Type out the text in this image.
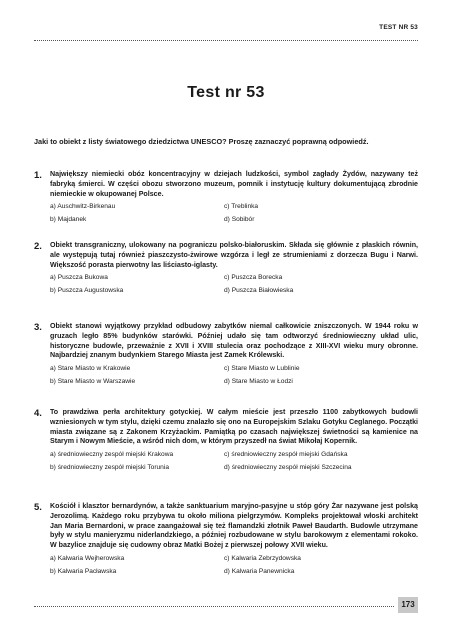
TEST NR 53
Test nr 53
Jaki to obiekt z listy światowego dziedzictwa UNESCO? Proszę zaznaczyć poprawną odpowiedź.
1. Największy niemiecki obóz koncentracyjny w dziejach ludzkości, symbol zagłady Żydów, nazywany też fabryką śmierci. W części obozu stworzono muzeum, pomnik i instytucję kultury dokumentującą zbrodnie niemieckie w okupowanej Polsce.
a) Auschwitz-Birkenau	c) Treblinka
b) Majdanek	d) Sobibór
2. Obiekt transgraniczny, ulokowany na pograniczu polsko-białoruskim. Składa się głównie z płaskich równin, ale występują tutaj również piaszczysto-żwirowe wzgórza i legł ze strumieniami z dorzecza Bugu i Narwi. Większość porasta pierwotny las liściasto-iglasty.
a) Puszcza Bukowa	c) Puszcza Borecka
b) Puszcza Augustowska	d) Puszcza Białowieska
3. Obiekt stanowi wyjątkowy przykład odbudowy zabytków niemal całkowicie zniszczonych. W 1944 roku w gruzach legło 85% budynków starówki. Później udało się tam odtworzyć średniowieczny układ ulic, historyczne budowle, przeważnie z XVII i XVIII stulecia oraz pochodzące z XIII-XVI wieku mury obronne. Najbardziej znanym budynkiem Starego Miasta jest Zamek Królewski.
a) Stare Miasto w Krakowie	c) Stare Miasto w Lublinie
b) Stare Miasto w Warszawie	d) Stare Miasto w Łodzi
4. To prawdziwa perła architektury gotyckiej. W całym mieście jest przeszło 1100 zabytkowych budowli wzniesionych w tym stylu, dzięki czemu znalazło się ono na Europejskim Szlaku Gotyku Ceglanego. Początki miasta związane są z Zakonem Krzyżackim. Pamiątką po czasach największej świetności są kamienice na Starym i Nowym Mieście, a wśród nich dom, w którym przyszedł na świat Mikołaj Kopernik.
a) średniowieczny zespół miejski Krakowa	c) średniowieczny zespół miejski Gdańska
b) średniowieczny zespół miejski Torunia	d) średniowieczny zespół miejski Szczecina
5. Kościół i klasztor bernardynów, a także sanktuarium maryjno-pasyjne u stóp góry Żar nazywane jest polską Jerozolimą. Każdego roku przybywa tu około miliona pielgrzymów. Kompleks projektował włoski architekt Jan Maria Bernardoni, w prace zaangażował się też flamandzki złotnik Paweł Baudarth. Budowle utrzymane były w stylu manieryzmu niderlandzkiego, a później rozbudowane w stylu barokowym z elementami rokoko. W bazylice znajduje się cudowny obraz Matki Bożej z pierwszej połowy XVII wieku.
a) Kalwaria Wejherowska	c) Kalwaria Zebrzydowska
b) Kalwaria Pacławska	d) Kalwaria Panewnicka
173
